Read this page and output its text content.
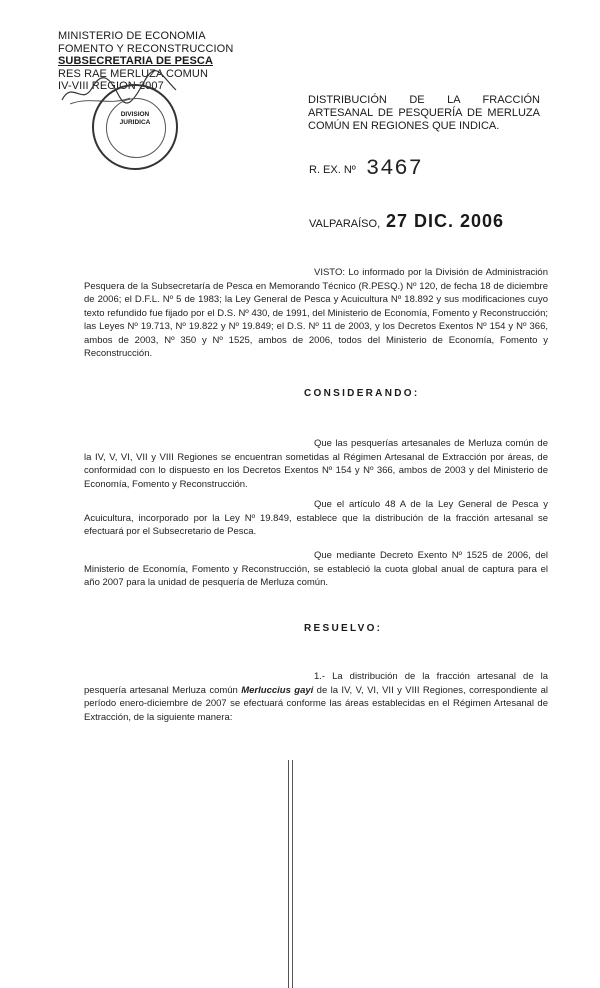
MINISTERIO DE ECONOMIA
FOMENTO Y RECONSTRUCCION
SUBSECRETARIA DE PESCA
RES RAE MERLUZA COMUN
IV-VIII REGION 2007
DIVISION
JURIDICA
DISTRIBUCIÓN DE LA FRACCIÓN ARTESANAL DE PESQUERÍA DE MERLUZA COMÚN EN REGIONES QUE INDICA.
R. EX. Nº 3467
VALPARAÍSO, 27 DIC. 2006
VISTO: Lo informado por la División de Administración Pesquera de la Subsecretaría de Pesca en Memorando Técnico (R.PESQ.) Nº 120, de fecha 18 de diciembre de 2006; el D.F.L. Nº 5 de 1983; la Ley General de Pesca y Acuicultura Nº 18.892 y sus modificaciones cuyo texto refundido fue fijado por el D.S. Nº 430, de 1991, del Ministerio de Economía, Fomento y Reconstrucción; las Leyes Nº 19.713, Nº 19.822 y Nº 19.849; el D.S. Nº 11 de 2003, y los Decretos Exentos Nº 154 y Nº 366, ambos de 2003, Nº 350 y Nº 1525, ambos de 2006, todos del Ministerio de Economía, Fomento y Reconstrucción.
CONSIDERANDO:
Que las pesquerías artesanales de Merluza común de la IV, V, VI, VII y VIII Regiones se encuentran sometidas al Régimen Artesanal de Extracción por áreas, de conformidad con lo dispuesto en los Decretos Exentos Nº 154 y Nº 366, ambos de 2003 y del Ministerio de Economía, Fomento y Reconstrucción.
Que el artículo 48 A de la Ley General de Pesca y Acuicultura, incorporado por la Ley Nº 19.849, establece que la distribución de la fracción artesanal se efectuará por el Subsecretario de Pesca.
Que mediante Decreto Exento Nº 1525 de 2006, del Ministerio de Economía, Fomento y Reconstrucción, se estableció la cuota global anual de captura para el año 2007 para la unidad de pesquería de Merluza común.
RESUELVO:
1.- La distribución de la fracción artesanal de la pesquería artesanal Merluza común Merluccius gayi de la IV, V, VI, VII y VIII Regiones, correspondiente al período enero-diciembre de 2007 se efectuará conforme las áreas establecidas en el Régimen Artesanal de Extracción, de la siguiente manera:
